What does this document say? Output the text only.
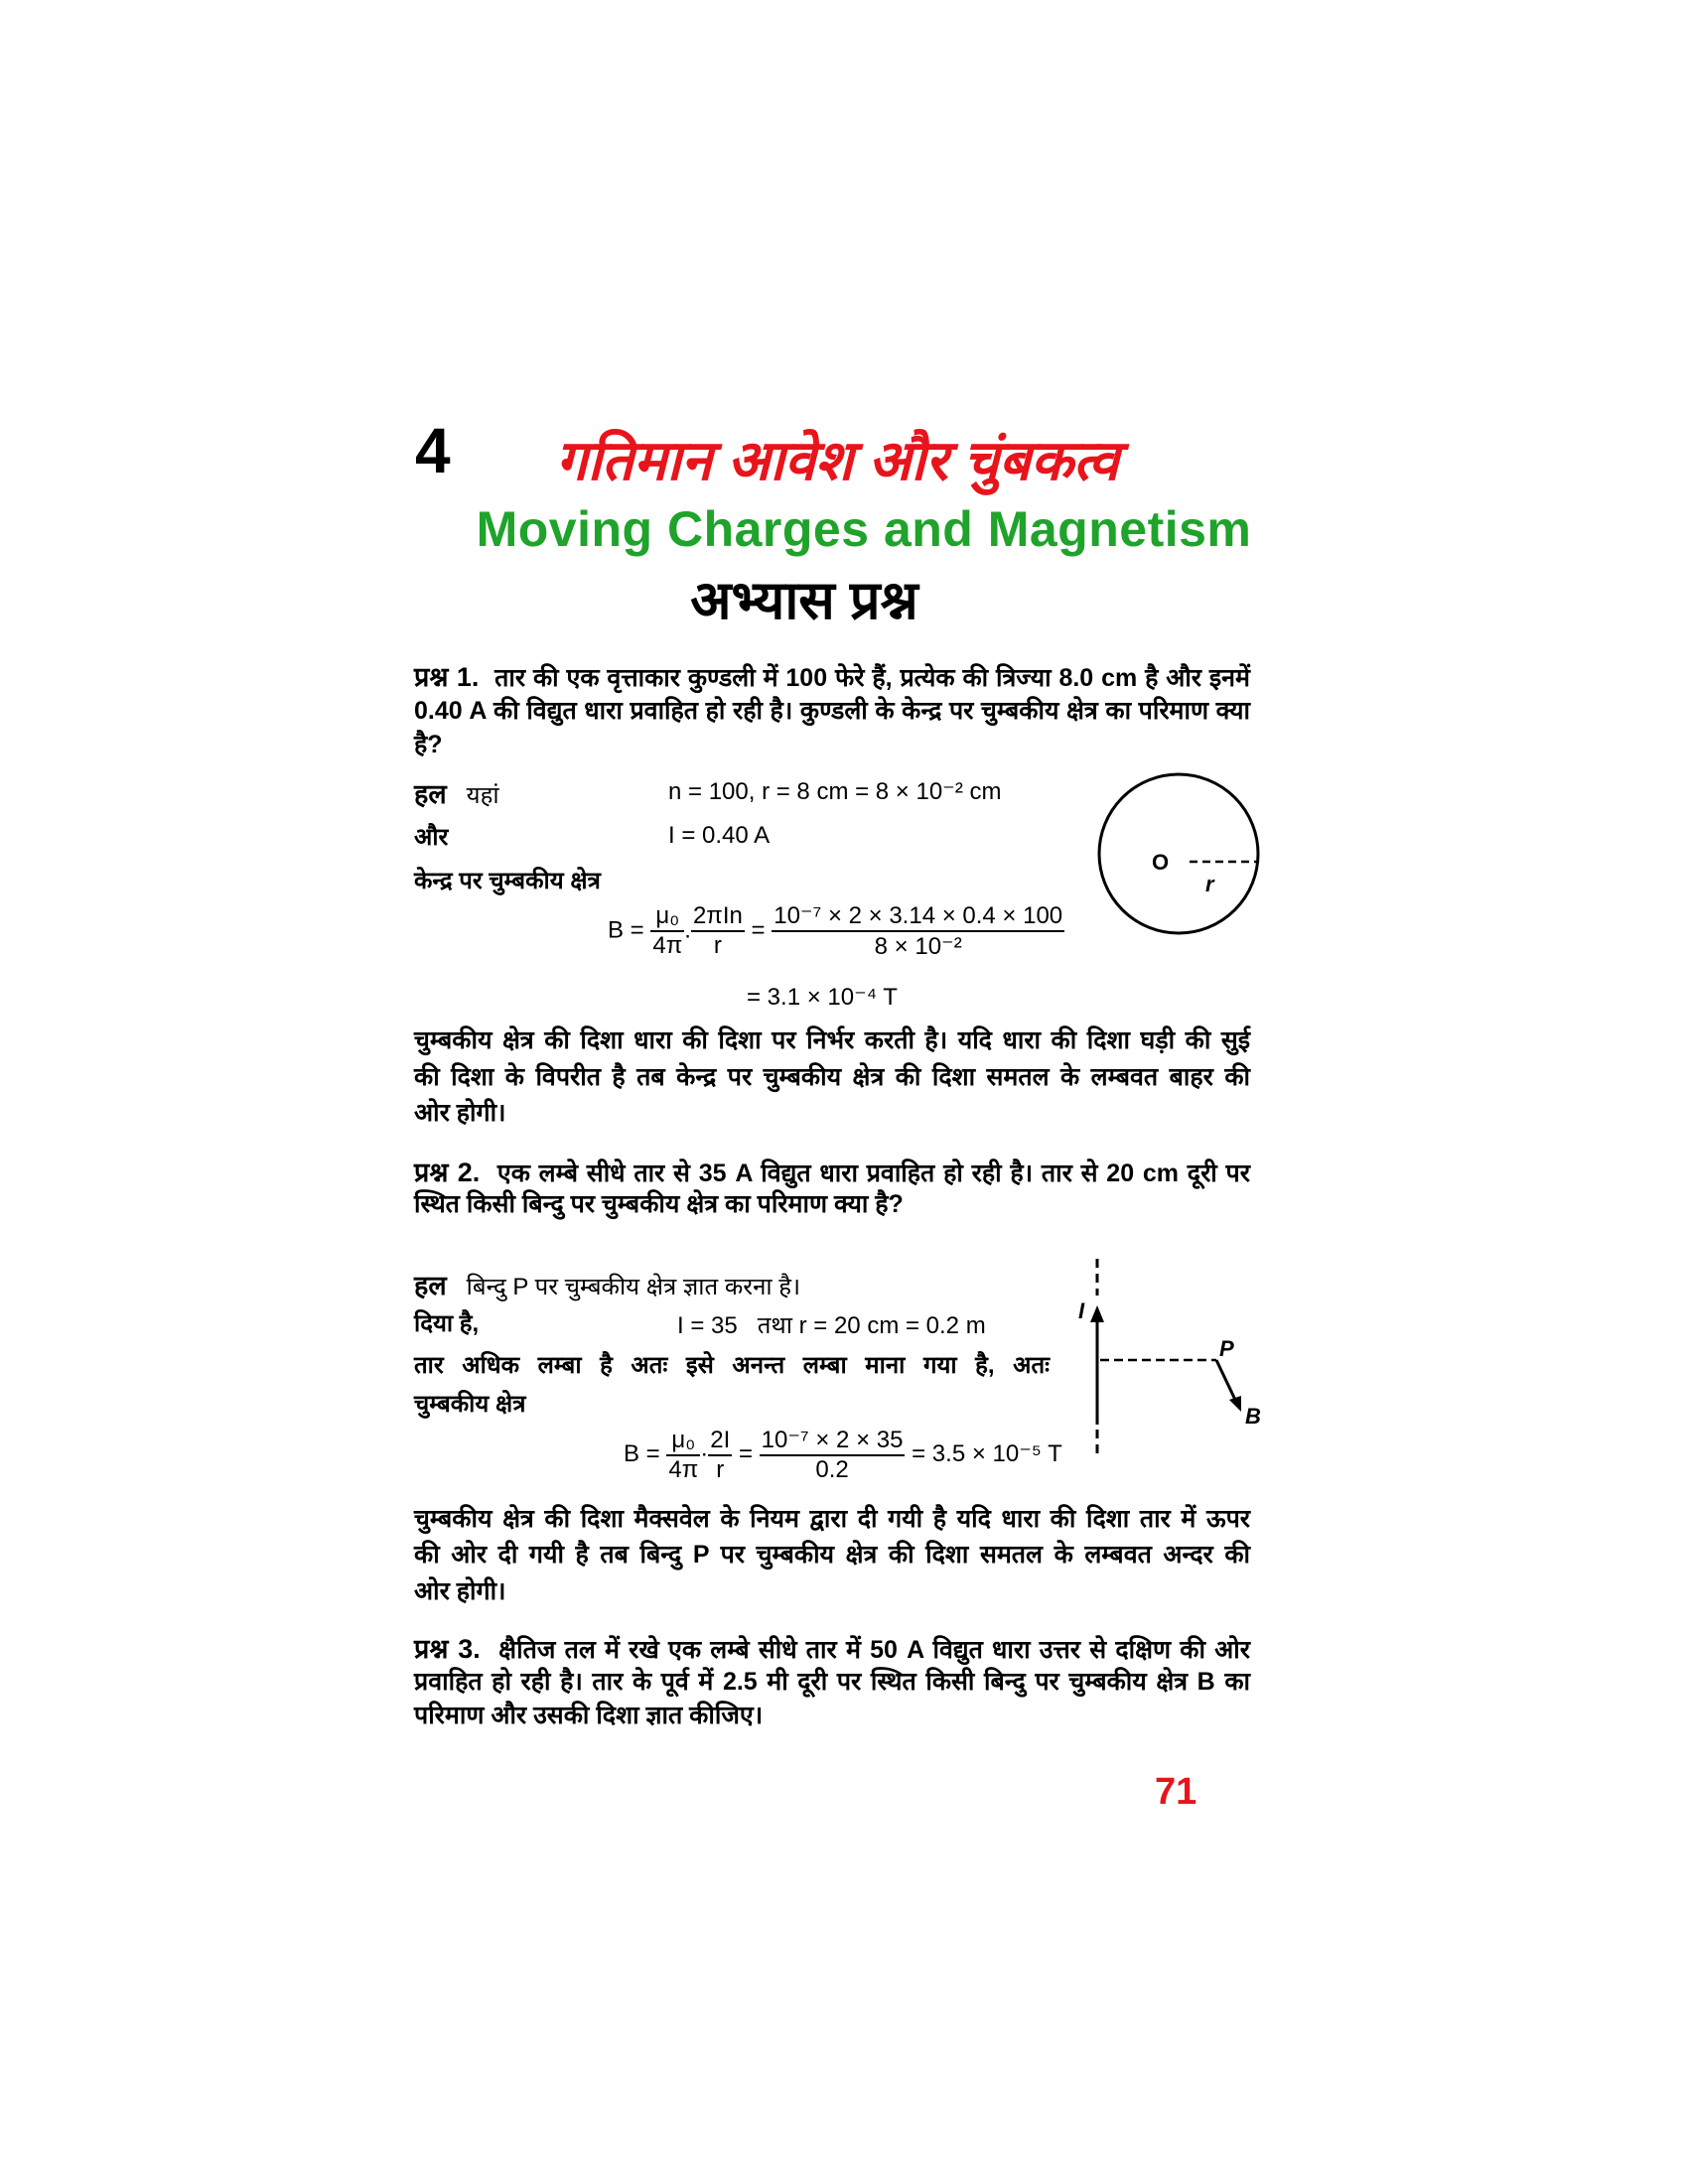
4 गतिमान आवेश और चुंबकत्व
Moving Charges and Magnetism
अभ्यास प्रश्न
प्रश्न 1. तार की एक वृत्ताकार कुण्डली में 100 फेरे हैं, प्रत्येक की त्रिज्या 8.0 cm है और इनमें
0.40 A की विद्युत धारा प्रवाहित हो रही है। कुण्डली के केन्द्र पर चुम्बकीय क्षेत्र का परिमाण क्या
है?
हल यहां	n = 100, r = 8 cm = 8 × 10⁻² cm
और	I = 0.40 A
केन्द्र पर चुम्बकीय क्षेत्र
$B = \frac{\text{μ₀}}{4\pi}$ . $\frac{\text{2πIn}}{r} = \frac{\text{10⁻⁷ × 2 × 3.14 × 0.4 × 100}}{\text{8 × 10⁻²}}$
= 3.1 × 10⁻⁴ T
O
r
चुम्बकीय क्षेत्र की दिशा धारा की दिशा पर निर्भर करती है। यदि धारा की दिशा घड़ी की सुई
की दिशा के विपरीत है तब केन्द्र पर चुम्बकीय क्षेत्र की दिशा समतल के लम्बवत बाहर की
ओर होगी।
प्रश्न 2. एक लम्बे सीधे तार से 35 A विद्युत धारा प्रवाहित हो रही है। तार से 20 cm दूरी पर
स्थित किसी बिन्दु पर चुम्बकीय क्षेत्र का परिमाण क्या है?
हल बिन्दु P पर चुम्बकीय क्षेत्र ज्ञात करना है।
दिया है,	I = 35   तथा r = 20 cm = 0.2 m
तार अधिक लम्बा है अतः इसे अनन्त लम्बा माना गया है, अतः
चुम्बकीय क्षेत्र
$B = \frac{\text{μ₀}}{4\pi} \cdot \frac{2I}{r} = \frac{\text{10⁻⁷ × 2 × 35}}{0.2} = 3.5 \times 10^{-5}$ T
I
P
B
चुम्बकीय क्षेत्र की दिशा मैक्सवेल के नियम द्वारा दी गयी है यदि धारा की दिशा तार में ऊपर
की ओर दी गयी है तब बिन्दु P पर चुम्बकीय क्षेत्र की दिशा समतल के लम्बवत अन्दर की
ओर होगी।
प्रश्न 3. क्षैतिज तल में रखे एक लम्बे सीधे तार में 50 A विद्युत धारा उत्तर से दक्षिण की ओर
प्रवाहित हो रही है। तार के पूर्व में 2.5 मी दूरी पर स्थित किसी बिन्दु पर चुम्बकीय क्षेत्र B का
परिमाण और उसकी दिशा ज्ञात कीजिए।
71
